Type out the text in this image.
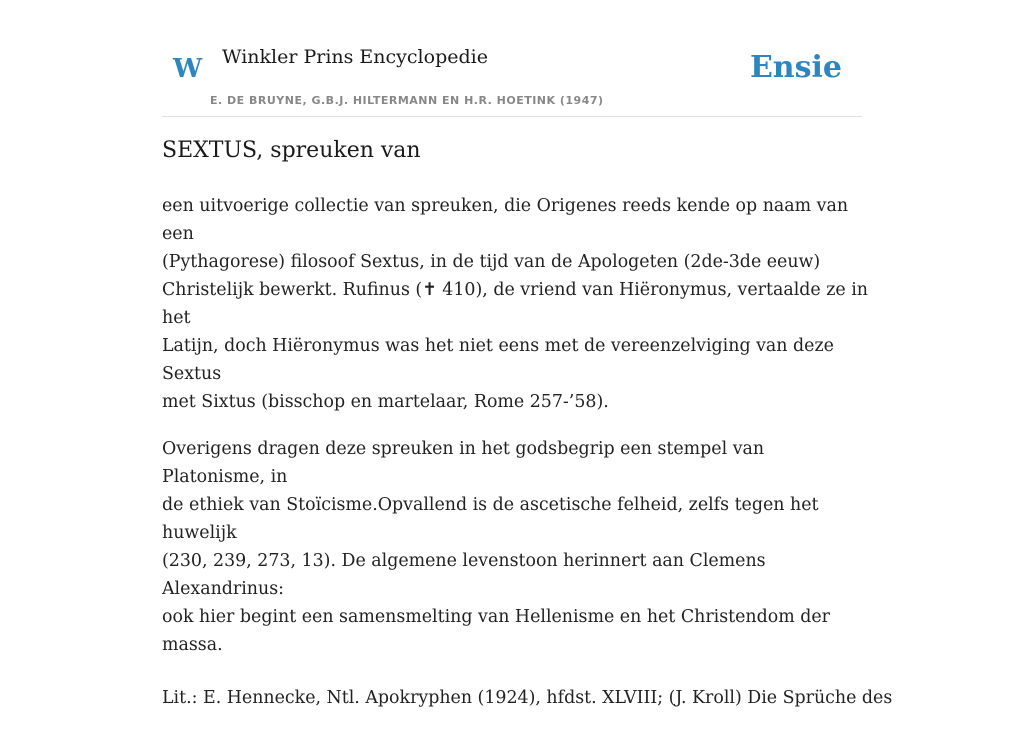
W Winkler Prins Encyclopedie
E. DE BRUYNE, G.B.J. HILTERMANN EN H.R. HOETINK (1947)
Ensie
SEXTUS, spreuken van

een uitvoerige collectie van spreuken, die Origenes reeds kende op naam van een
(Pythagorese) filosoof Sextus, in de tijd van de Apologeten (2de-3de eeuw)
Christelijk bewerkt. Rufinus (✝ 410), de vriend van Hiëronymus, vertaalde ze in het
Latijn, doch Hiëronymus was het niet eens met de vereenzelviging van deze Sextus
met Sixtus (bisschop en martelaar, Rome 257-’58).

Overigens dragen deze spreuken in het godsbegrip een stempel van Platonisme, in
de ethiek van Stoïcisme.Opvallend is de ascetische felheid, zelfs tegen het huwelijk
(230, 239, 273, 13). De algemene levenstoon herinnert aan Clemens Alexandrinus:
ook hier begint een samensmelting van Hellenisme en het Christendom der massa.

Lit.: E. Hennecke, Ntl. Apokryphen (1924), hfdst. XLVIII; (J. Kroll) Die Sprüche des
